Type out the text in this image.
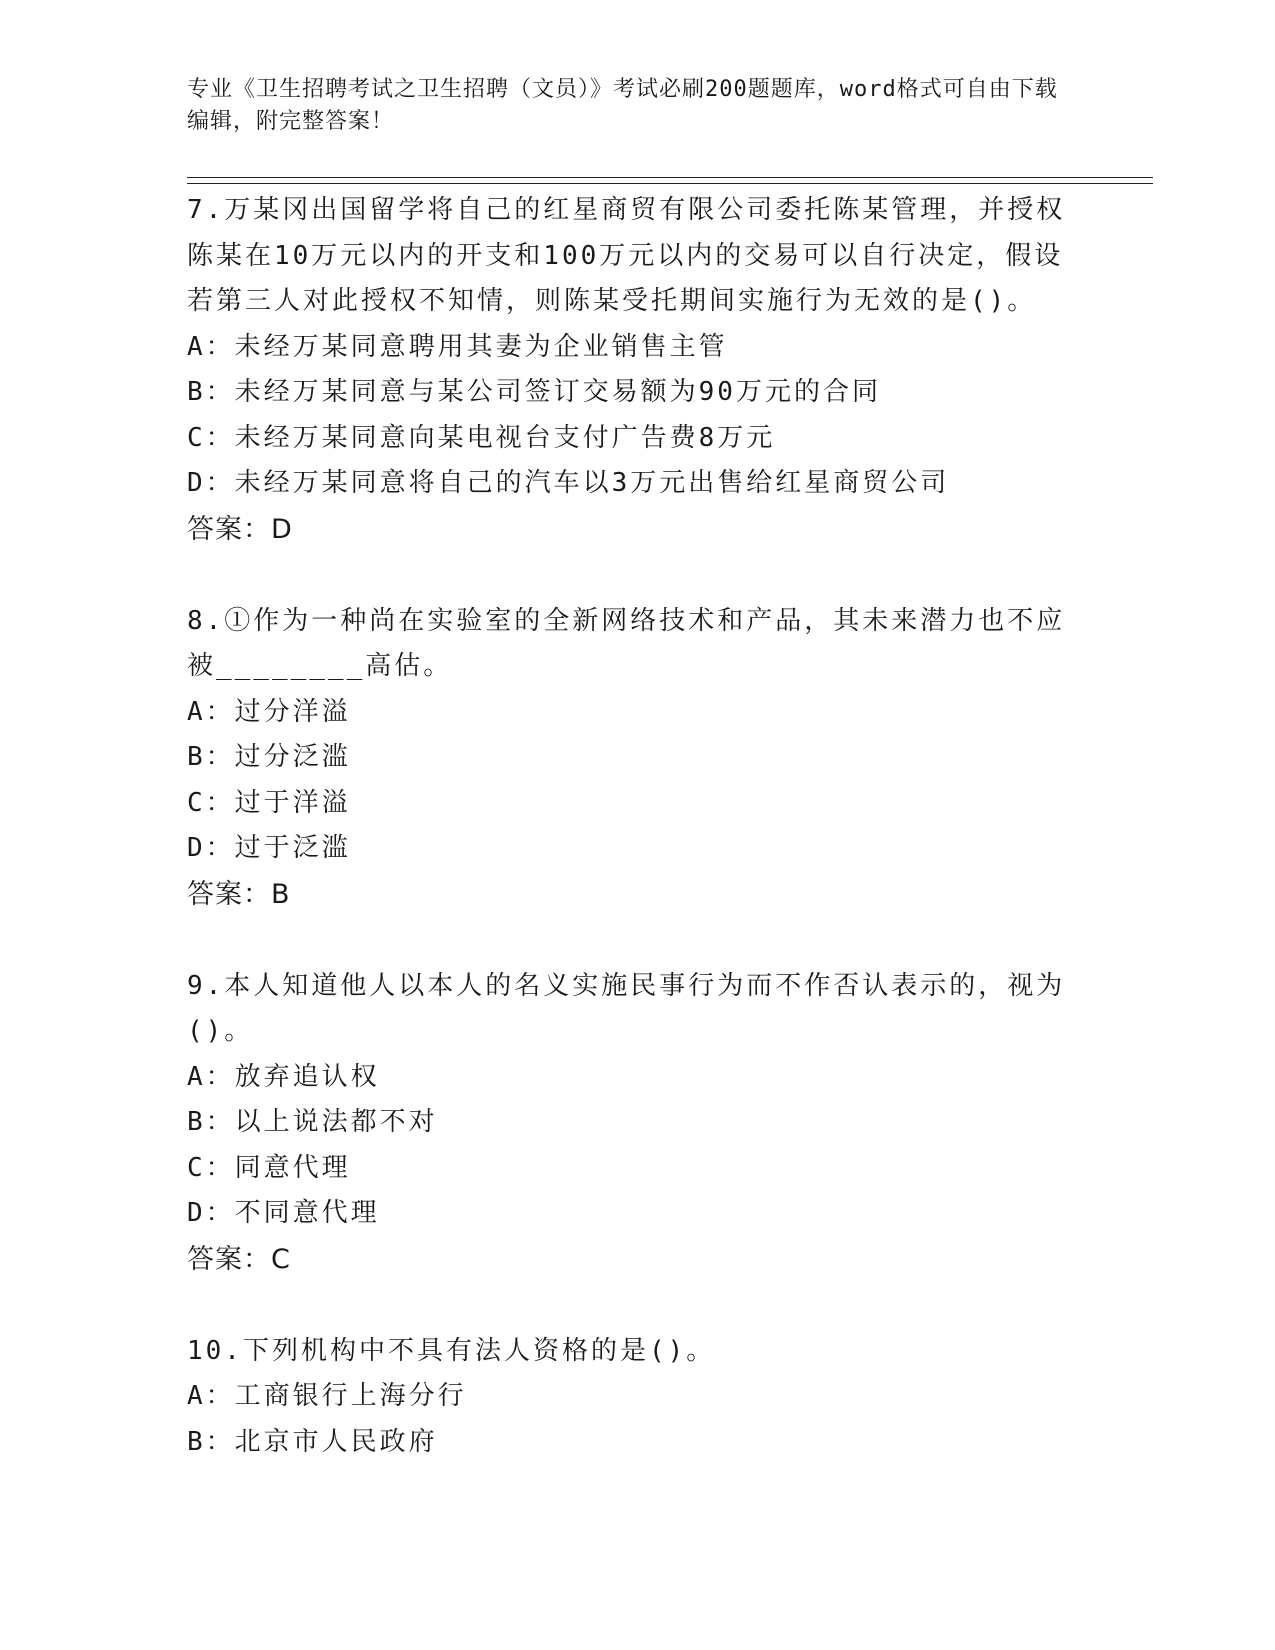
专业《卫生招聘考试之卫生招聘（文员）》考试必刷200题题库，word格式可自由下载编辑，附完整答案！
7.万某冈出国留学将自己的红星商贸有限公司委托陈某管理，并授权陈某在10万元以内的开支和100万元以内的交易可以自行决定，假设若第三人对此授权不知情，则陈某受托期间实施行为无效的是()。
A：未经万某同意聘用其妻为企业销售主管
B：未经万某同意与某公司签订交易额为90万元的合同
C：未经万某同意向某电视台支付广告费8万元
D：未经万某同意将自己的汽车以3万元出售给红星商贸公司
答案：D
8.①作为一种尚在实验室的全新网络技术和产品，其未来潜力也不应被________高估。
A：过分洋溢
B：过分泛滥
C：过于洋溢
D：过于泛滥
答案：B
9.本人知道他人以本人的名义实施民事行为而不作否认表示的，视为()。
A：放弃追认权
B：以上说法都不对
C：同意代理
D：不同意代理
答案：C
10.下列机构中不具有法人资格的是()。
A：工商银行上海分行
B：北京市人民政府
